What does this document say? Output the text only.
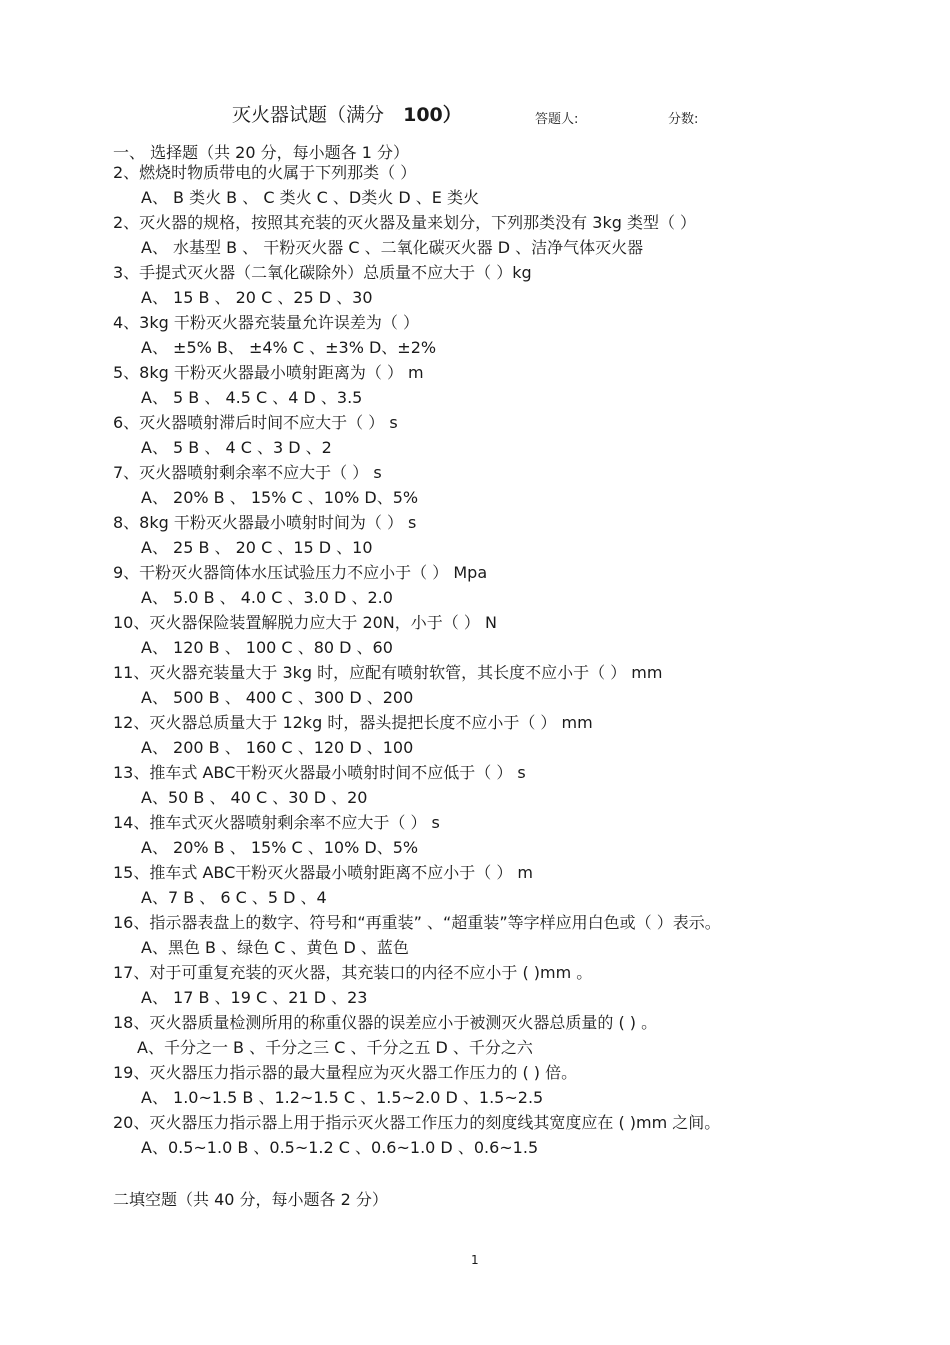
灭火器试题（满分 100）	答题人:	分数:
一、 选择题（共 20 分，每小题各 1 分）
2、燃烧时物质带电的火属于下列那类（ ）
A、 B 类火 B 、 C 类火 C 、D类火 D 、E 类火
2、灭火器的规格，按照其充装的灭火器及量来划分，下列那类没有 3kg 类型（ ）
A、 水基型 B 、 干粉灭火器 C 、二氧化碳灭火器 D 、洁净气体灭火器
3、手提式灭火器（二氧化碳除外）总质量不应大于（ ）kg
A、 15 B 、 20 C 、25 D 、30
4、3kg 干粉灭火器充装量允许误差为（ ）
A、 ±5% B、 ±4% C 、±3% D、±2%
5、8kg 干粉灭火器最小喷射距离为（ ） m
A、 5 B 、 4.5 C 、4 D 、3.5
6、灭火器喷射滞后时间不应大于（ ） s
A、 5 B 、 4 C 、3 D 、2
7、灭火器喷射剩余率不应大于（ ） s
A、 20% B 、 15% C 、10% D、5%
8、8kg 干粉灭火器最小喷射时间为（ ） s
A、 25 B 、 20 C 、15 D 、10
9、干粉灭火器筒体水压试验压力不应小于（ ） Mpa
A、 5.0 B 、 4.0 C 、3.0 D 、2.0
10、灭火器保险装置解脱力应大于 20N，小于（ ） N
A、 120 B 、 100 C 、80 D 、60
11、灭火器充装量大于 3kg 时，应配有喷射软管，其长度不应小于（ ） mm
A、 500 B 、 400 C 、300 D 、200
12、灭火器总质量大于 12kg 时，器头提把长度不应小于（ ） mm
A、 200 B 、 160 C 、120 D 、100
13、推车式 ABC干粉灭火器最小喷射时间不应低于（ ） s
A、50 B 、 40 C 、30 D 、20
14、推车式灭火器喷射剩余率不应大于（ ） s
A、 20% B 、 15% C 、10% D、5%
15、推车式 ABC干粉灭火器最小喷射距离不应小于（ ） m
A、7 B 、 6 C 、5 D 、4
16、指示器表盘上的数字、符号和“再重装” 、“超重装”等字样应用白色或（ ）表示。
A、黑色 B 、绿色 C 、黄色 D 、蓝色
17、对于可重复充装的灭火器，其充装口的内径不应小于 ( )mm 。
A、 17 B 、19 C 、21 D 、23
18、灭火器质量检测所用的称重仪器的误差应小于被测灭火器总质量的 ( ) 。
A、千分之一 B 、千分之三 C 、千分之五 D 、千分之六
19、灭火器压力指示器的最大量程应为灭火器工作压力的 ( ) 倍。
A、 1.0~1.5 B 、1.2~1.5 C 、1.5~2.0 D 、1.5~2.5
20、灭火器压力指示器上用于指示灭火器工作压力的刻度线其宽度应在 ( )mm 之间。
A、0.5~1.0 B 、0.5~1.2 C 、0.6~1.0 D 、0.6~1.5
二填空题（共 40 分，每小题各 2 分）
1
